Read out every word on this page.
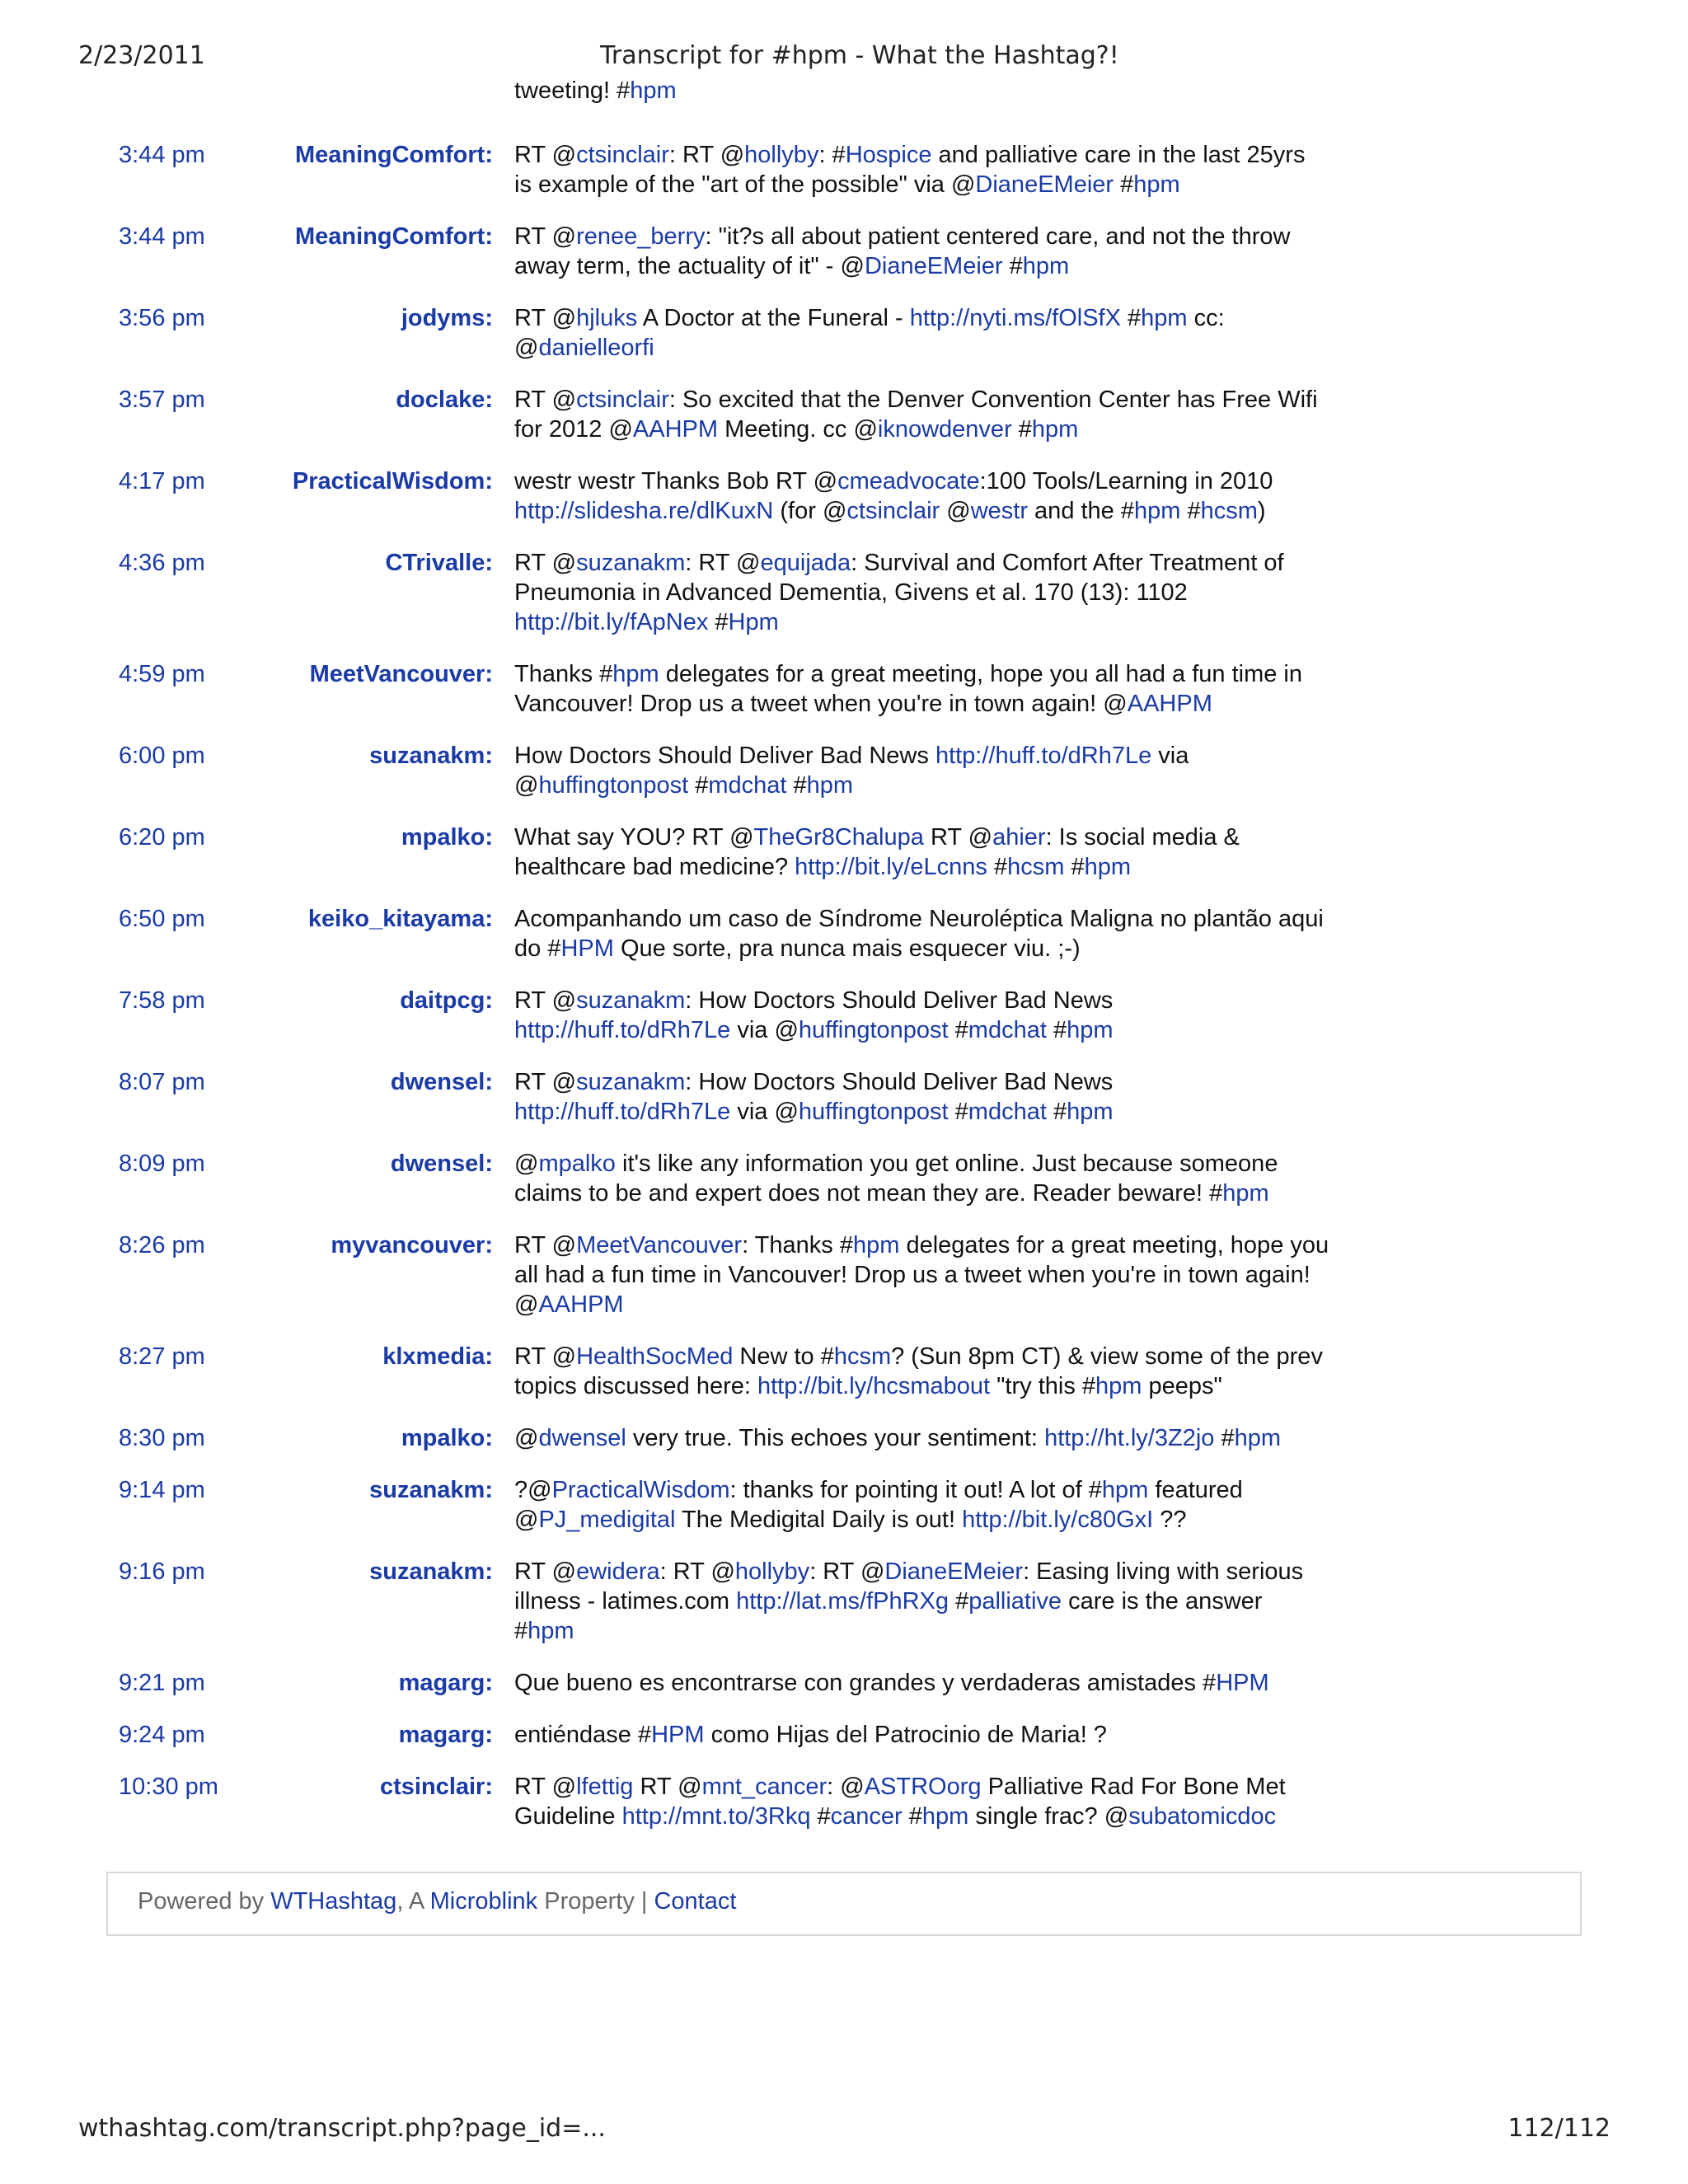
2/23/2011	Transcript for #hpm - What the Hashtag?!
tweeting! #hpm
3:44 pm	MeaningComfort: RT @ctsinclair: RT @hollyby: #Hospice and palliative care in the last 25yrs
is example of the "art of the possible" via @DianeEMeier #hpm
3:44 pm	MeaningComfort: RT @renee_berry: "it?s all about patient centered care, and not the throw
away term, the actuality of it" - @DianeEMeier #hpm
3:56 pm	jodyms: RT @hjluks A Doctor at the Funeral - http://nyti.ms/fOlSfX #hpm cc:
@danielleorfi
3:57 pm	doclake: RT @ctsinclair: So excited that the Denver Convention Center has Free Wifi
for 2012 @AAHPM Meeting. cc @iknowdenver #hpm
4:17 pm	PracticalWisdom: westr westr Thanks Bob RT @cmeadvocate:100 Tools/Learning in 2010
http://slidesha.re/dlKuxN (for @ctsinclair @westr and the #hpm #hcsm)
4:36 pm	CTrivalle: RT @suzanakm: RT @equijada: Survival and Comfort After Treatment of
Pneumonia in Advanced Dementia, Givens et al. 170 (13): 1102
http://bit.ly/fApNex #Hpm
4:59 pm	MeetVancouver: Thanks #hpm delegates for a great meeting, hope you all had a fun time in
Vancouver! Drop us a tweet when you're in town again! @AAHPM
6:00 pm	suzanakm: How Doctors Should Deliver Bad News http://huff.to/dRh7Le via
@huffingtonpost #mdchat #hpm
6:20 pm	mpalko: What say YOU? RT @TheGr8Chalupa RT @ahier: Is social media &
healthcare bad medicine? http://bit.ly/eLcnns #hcsm #hpm
6:50 pm	keiko_kitayama: Acompanhando um caso de Síndrome Neuroléptica Maligna no plantão aqui
do #HPM Que sorte, pra nunca mais esquecer viu. ;-)
7:58 pm	daitpcg: RT @suzanakm: How Doctors Should Deliver Bad News
http://huff.to/dRh7Le via @huffingtonpost #mdchat #hpm
8:07 pm	dwensel: RT @suzanakm: How Doctors Should Deliver Bad News
http://huff.to/dRh7Le via @huffingtonpost #mdchat #hpm
8:09 pm	dwensel: @mpalko it's like any information you get online. Just because someone
claims to be and expert does not mean they are. Reader beware! #hpm
8:26 pm	myvancouver: RT @MeetVancouver: Thanks #hpm delegates for a great meeting, hope you
all had a fun time in Vancouver! Drop us a tweet when you're in town again!
@AAHPM
8:27 pm	klxmedia: RT @HealthSocMed New to #hcsm? (Sun 8pm CT) & view some of the prev
topics discussed here: http://bit.ly/hcsmabout "try this #hpm peeps"
8:30 pm	mpalko: @dwensel very true. This echoes your sentiment: http://ht.ly/3Z2jo #hpm
9:14 pm	suzanakm: ?@PracticalWisdom: thanks for pointing it out! A lot of #hpm featured
@PJ_medigital The Medigital Daily is out! http://bit.ly/c80GxI ??
9:16 pm	suzanakm: RT @ewidera: RT @hollyby: RT @DianeEMeier: Easing living with serious
illness - latimes.com http://lat.ms/fPhRXg #palliative care is the answer
#hpm
9:21 pm	magarg: Que bueno es encontrarse con grandes y verdaderas amistades #HPM
9:24 pm	magarg: entiéndase #HPM como Hijas del Patrocinio de Maria! ?
10:30 pm	ctsinclair: RT @lfettig RT @mnt_cancer: @ASTROorg Palliative Rad For Bone Met
Guideline http://mnt.to/3Rkq #cancer #hpm single frac? @subatomicdoc
Powered by WTHashtag, A Microblink Property | Contact
wthashtag.com/transcript.php?page_id=...	112/112
